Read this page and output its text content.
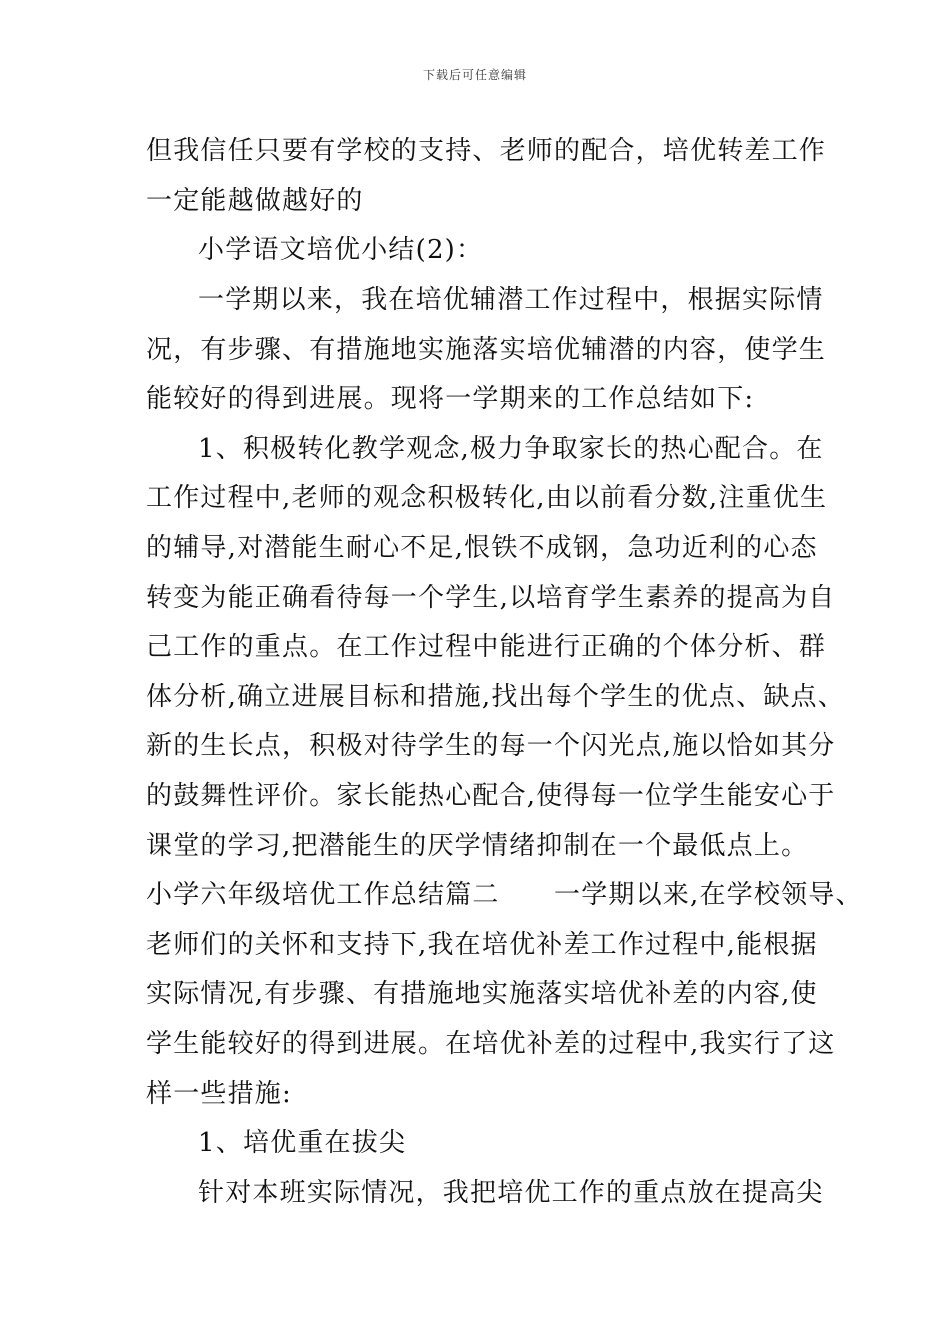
下载后可任意编辑
但我信任只要有学校的支持、老师的配合，培优转差工作
一定能越做越好的
小学语文培优小结(2)：
一学期以来，我在培优辅潜工作过程中，根据实际情
况，有步骤、有措施地实施落实培优辅潜的内容，使学生
能较好的得到进展。现将一学期来的工作总结如下:
1、积极转化教学观念,极力争取家长的热心配合。在
工作过程中,老师的观念积极转化,由以前看分数,注重优生
的辅导,对潜能生耐心不足,恨铁不成钢，急功近利的心态
转变为能正确看待每一个学生,以培育学生素养的提高为自
己工作的重点。在工作过程中能进行正确的个体分析、群
体分析,确立进展目标和措施,找出每个学生的优点、缺点、
新的生长点，积极对待学生的每一个闪光点,施以恰如其分
的鼓舞性评价。家长能热心配合,使得每一位学生能安心于
课堂的学习,把潜能生的厌学情绪抑制在一个最低点上。
小学六年级培优工作总结篇二　　一学期以来,在学校领导、
老师们的关怀和支持下,我在培优补差工作过程中,能根据
实际情况,有步骤、有措施地实施落实培优补差的内容,使
学生能较好的得到进展。在培优补差的过程中,我实行了这
样一些措施:
1、培优重在拔尖
针对本班实际情况，我把培优工作的重点放在提高尖
